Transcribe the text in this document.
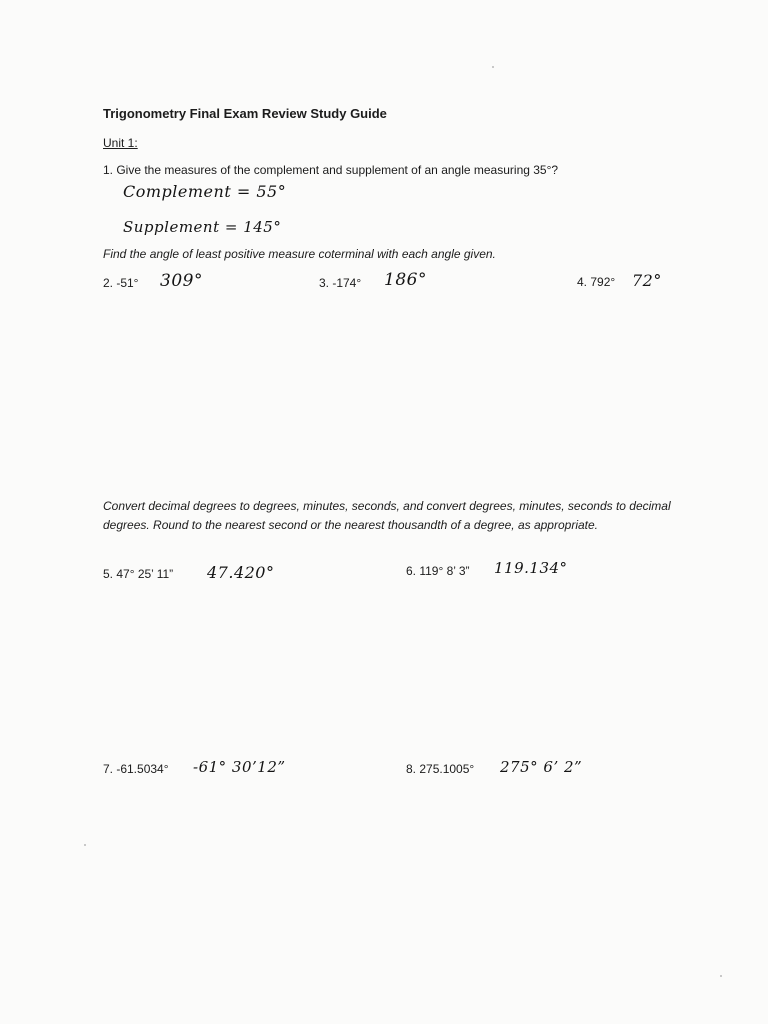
Trigonometry Final Exam Review Study Guide
Unit 1:
1. Give the measures of the complement and supplement of an angle measuring 35°?
Complement = 55°
Supplement = 145°
Find the angle of least positive measure coterminal with each angle given.
2. -51° 309°	3. -174° 186°	4. 792° 72°
Convert decimal degrees to degrees, minutes, seconds, and convert degrees, minutes, seconds to decimal degrees. Round to the nearest second or the nearest thousandth of a degree, as appropriate.
5. 47° 25’ 11” 47.420°	6. 119° 8’ 3” 119.134°
7. -61.5034° -61° 30’12”	8. 275.1005° 275° 6’ 2”
